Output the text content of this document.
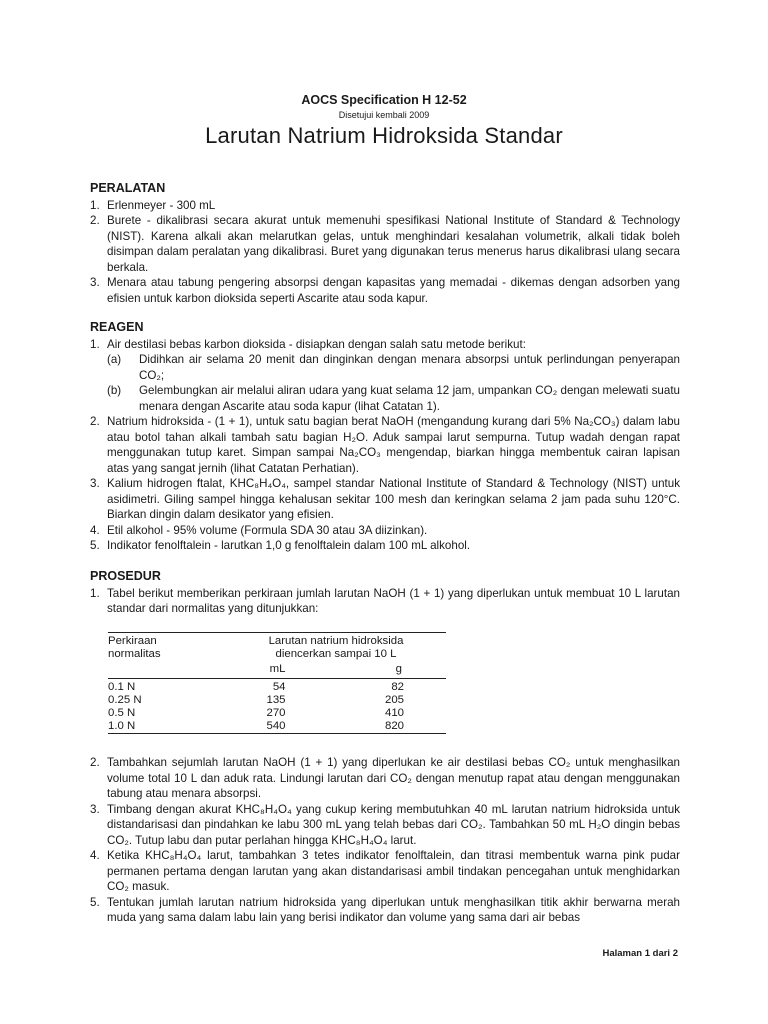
AOCS Specification H 12-52
Disetujui kembali 2009
Larutan Natrium Hidroksida Standar
PERALATAN
1. Erlenmeyer - 300 mL
2. Burete - dikalibrasi secara akurat untuk memenuhi spesifikasi National Institute of Standard & Technology (NIST). Karena alkali akan melarutkan gelas, untuk menghindari kesalahan volumetrik, alkali tidak boleh disimpan dalam peralatan yang dikalibrasi. Buret yang digunakan terus menerus harus dikalibrasi ulang secara berkala.
3. Menara atau tabung pengering absorpsi dengan kapasitas yang memadai - dikemas dengan adsorben yang efisien untuk karbon dioksida seperti Ascarite atau soda kapur.
REAGEN
1. Air destilasi bebas karbon dioksida - disiapkan dengan salah satu metode berikut:
(a) Didihkan air selama 20 menit dan dinginkan dengan menara absorpsi untuk perlindungan penyerapan CO₂;
(b) Gelembungkan air melalui aliran udara yang kuat selama 12 jam, umpankan CO₂ dengan melewati suatu menara dengan Ascarite atau soda kapur (lihat Catatan 1).
2. Natrium hidroksida - (1 + 1), untuk satu bagian berat NaOH (mengandung kurang dari 5% Na₂CO₃) dalam labu atau botol tahan alkali tambah satu bagian H₂O. Aduk sampai larut sempurna. Tutup wadah dengan rapat menggunakan tutup karet. Simpan sampai Na₂CO₃ mengendap, biarkan hingga membentuk cairan lapisan atas yang sangat jernih (lihat Catatan Perhatian).
3. Kalium hidrogen ftalat, KHC₈H₄O₄, sampel standar National Institute of Standard & Technology (NIST) untuk asidimetri. Giling sampel hingga kehalusan sekitar 100 mesh dan keringkan selama 2 jam pada suhu 120°C. Biarkan dingin dalam desikator yang efisien.
4. Etil alkohol - 95% volume (Formula SDA 30 atau 3A diizinkan).
5. Indikator fenolftalein - larutkan 1,0 g fenolftalein dalam 100 mL alkohol.
PROSEDUR
1. Tabel berikut memberikan perkiraan jumlah larutan NaOH (1 + 1) yang diperlukan untuk membuat 10 L larutan standar dari normalitas yang ditunjukkan:

Perkiraan	Larutan natrium hidroksida	
normalitas	diencerkan sampai 10 L	
	mL	g
0.1 N	54	82
0.25 N	135	205
0.5 N	270	410
1.0 N	540	820
2. Tambahkan sejumlah larutan NaOH (1 + 1) yang diperlukan ke air destilasi bebas CO₂ untuk menghasilkan volume total 10 L dan aduk rata. Lindungi larutan dari CO₂ dengan menutup rapat atau dengan menggunakan tabung atau menara absorpsi.
3. Timbang dengan akurat KHC₈H₄O₄ yang cukup kering membutuhkan 40 mL larutan natrium hidroksida untuk distandarisasi dan pindahkan ke labu 300 mL yang telah bebas dari CO₂. Tambahkan 50 mL H₂O dingin bebas CO₂. Tutup labu dan putar perlahan hingga KHC₈H₄O₄ larut.
4. Ketika KHC₈H₄O₄ larut, tambahkan 3 tetes indikator fenolftalein, dan titrasi membentuk warna pink pudar permanen pertama dengan larutan yang akan distandarisasi ambil tindakan pencegahan untuk menghidarkan CO₂ masuk.
5. Tentukan jumlah larutan natrium hidroksida yang diperlukan untuk menghasilkan titik akhir berwarna merah muda yang sama dalam labu lain yang berisi indikator dan volume yang sama dari air bebas
Halaman 1 dari 2
